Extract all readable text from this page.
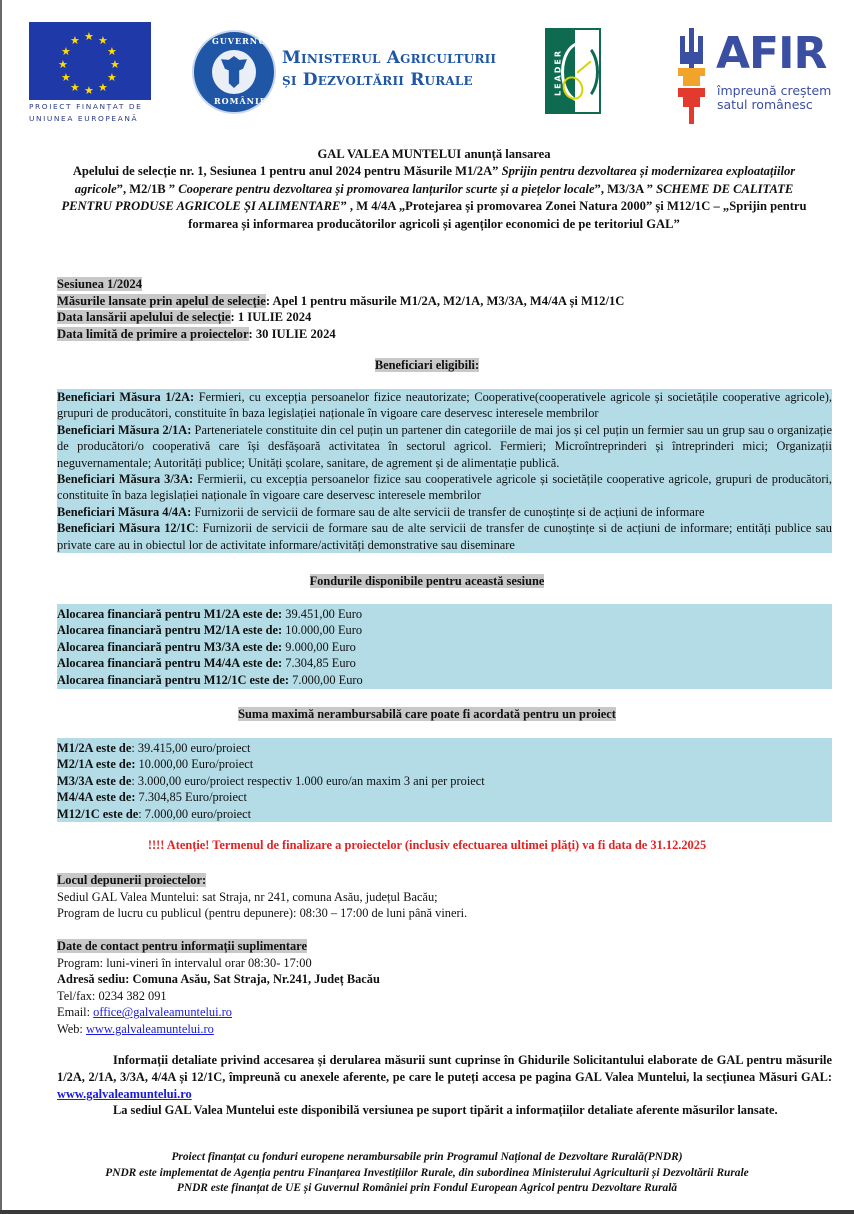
★ ★
★
★
★
★
★
★
★
★
★
★
PROIECT FINANȚAT DE
UNIUNEA EUROPEANĂ
GUVERNUL
ROMÂNIEI
Ministerul Agriculturii
și Dezvoltării Rurale	LEADER	AFIR
împreună creștem
satul românesc
GAL VALEA MUNTELUI anunță lansarea
Apelului de selecție nr. 1, Sesiunea 1 pentru anul 2024 pentru Măsurile M1/2A” Sprijin pentru dezvoltarea și modernizarea exploatațiilor agricole”, M2/1B ” Cooperare pentru dezvoltarea și promovarea lanțurilor scurte și a piețelor locale”, M3/3A ” SCHEME DE CALITATE PENTRU PRODUSE AGRICOLE ȘI ALIMENTARE” , M 4/4A „Protejarea și promovarea Zonei Natura 2000” și M12/1C – „Sprijin pentru formarea și informarea producătorilor agricoli și agenților economici de pe teritoriul GAL”
Sesiunea 1/2024
Măsurile lansate prin apelul de selecție: Apel 1 pentru măsurile M1/2A, M2/1A, M3/3A, M4/4A și M12/1C
Data lansării apelului de selecție: 1 IULIE 2024
Data limită de primire a proiectelor: 30 IULIE 2024
Beneficiari eligibili:
Beneficiari Măsura 1/2A: Fermieri, cu excepția persoanelor fizice neautorizate; Cooperative(cooperativele agricole și societățile cooperative agricole), grupuri de producători, constituite în baza legislației naționale în vigoare care deservesc interesele membrilor
Beneficiari Măsura 2/1A: Parteneriatele constituite din cel puțin un partener din categoriile de mai jos și cel puțin un fermier sau un grup sau o organizație de producători/o cooperativă care își desfășoară activitatea în sectorul agricol. Fermieri; Microîntreprinderi și întreprinderi mici; Organizații neguvernamentale; Autorități publice; Unități școlare, sanitare, de agrement și de alimentație publică.
Beneficiari Măsura 3/3A: Fermierii, cu excepția persoanelor fizice sau cooperativele agricole și societățile cooperative agricole, grupuri de producători, constituite în baza legislației naționale în vigoare care deservesc interesele membrilor
Beneficiari Măsura 4/4A: Furnizorii de servicii de formare sau de alte servicii de transfer de cunoștințe si de acțiuni de informare
Beneficiari Măsura 12/1C: Furnizorii de servicii de formare sau de alte servicii de transfer de cunoștințe si de acțiuni de informare; entități publice sau private care au in obiectul lor de activitate informare/activități demonstrative sau diseminare
Fondurile disponibile pentru această sesiune
Alocarea financiară pentru M1/2A este de: 39.451,00 Euro
Alocarea financiară pentru M2/1A este de: 10.000,00 Euro
Alocarea financiară pentru M3/3A este de: 9.000,00 Euro
Alocarea financiară pentru M4/4A este de: 7.304,85 Euro
Alocarea financiară pentru M12/1C este de: 7.000,00 Euro
Suma maximă nerambursabilă care poate fi acordată pentru un proiect
M1/2A este de: 39.415,00 euro/proiect
M2/1A este de: 10.000,00 Euro/proiect
M3/3A este de: 3.000,00 euro/proiect respectiv 1.000 euro/an maxim 3 ani per proiect
M4/4A este de: 7.304,85 Euro/proiect
M12/1C este de: 7.000,00 euro/proiect
!!!! Atenție! Termenul de finalizare a proiectelor (inclusiv efectuarea ultimei plăți) va fi data de 31.12.2025
Locul depunerii proiectelor:
Sediul GAL Valea Muntelui: sat Straja, nr 241, comuna Asău, județul Bacău;
Program de lucru cu publicul (pentru depunere): 08:30 – 17:00 de luni până vineri.
Date de contact pentru informații suplimentare
Program: luni-vineri în intervalul orar 08:30- 17:00
Adresă sediu: Comuna Asău, Sat Straja, Nr.241, Județ Bacău
Tel/fax: 0234 382 091
Email: office@galvaleamuntelui.ro
Web: www.galvaleamuntelui.ro

Informații detaliate privind accesarea și derularea măsurii sunt cuprinse în Ghidurile Solicitantului elaborate de GAL pentru măsurile 1/2A, 2/1A, 3/3A, 4/4A și 12/1C, împreună cu anexele aferente, pe care le puteți accesa pe pagina GAL Valea Muntelui, la secțiunea Măsuri GAL: www.galvaleamuntelui.ro

La sediul GAL Valea Muntelui este disponibilă versiunea pe suport tipărit a informațiilor detaliate aferente măsurilor lansate.

Proiect finanțat cu fonduri europene nerambursabile prin Programul Național de Dezvoltare Rurală(PNDR)
PNDR este implementat de Agenția pentru Finanțarea Investițiilor Rurale, din subordinea Ministerului Agriculturii și Dezvoltării Rurale
PNDR este finanțat de UE și Guvernul României prin Fondul European Agricol pentru Dezvoltare Rurală
